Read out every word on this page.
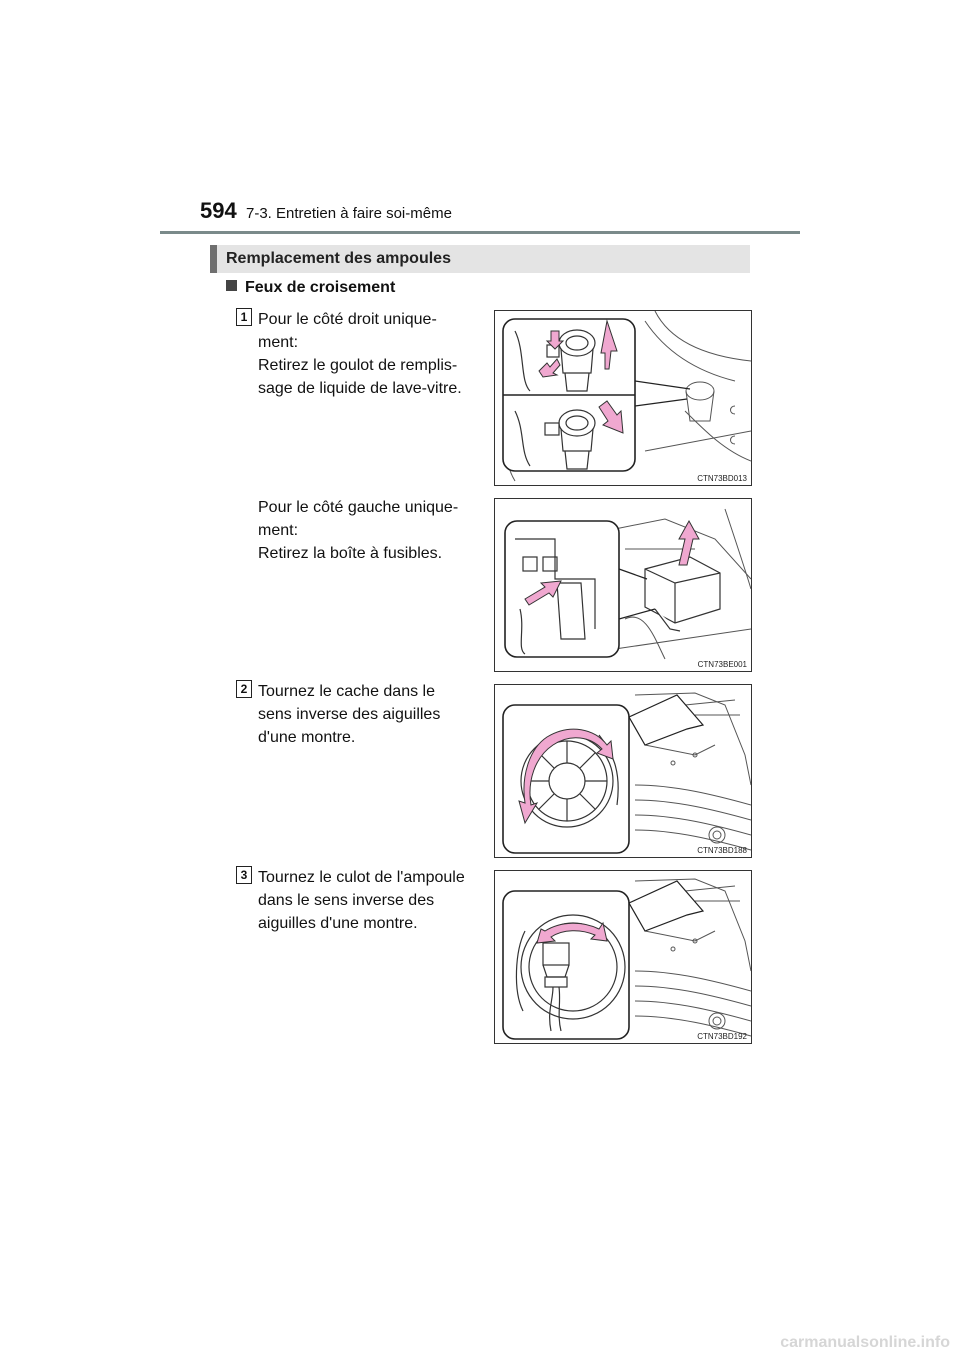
594 7-3. Entretien à faire soi-même
Remplacement des ampoules
Feux de croisement
1 Pour le côté droit unique-
ment:
Retirez le goulot de remplis-
sage de liquide de lave-vitre.
CTN73BD013
Pour le côté gauche unique-
ment:
Retirez la boîte à fusibles.
CTN73BE001
2 Tournez le cache dans le
sens inverse des aiguilles
d'une montre.
CTN73BD188
3 Tournez le culot de l'ampoule
dans le sens inverse des
aiguilles d'une montre.
CTN73BD192
carmanualsonline.info
